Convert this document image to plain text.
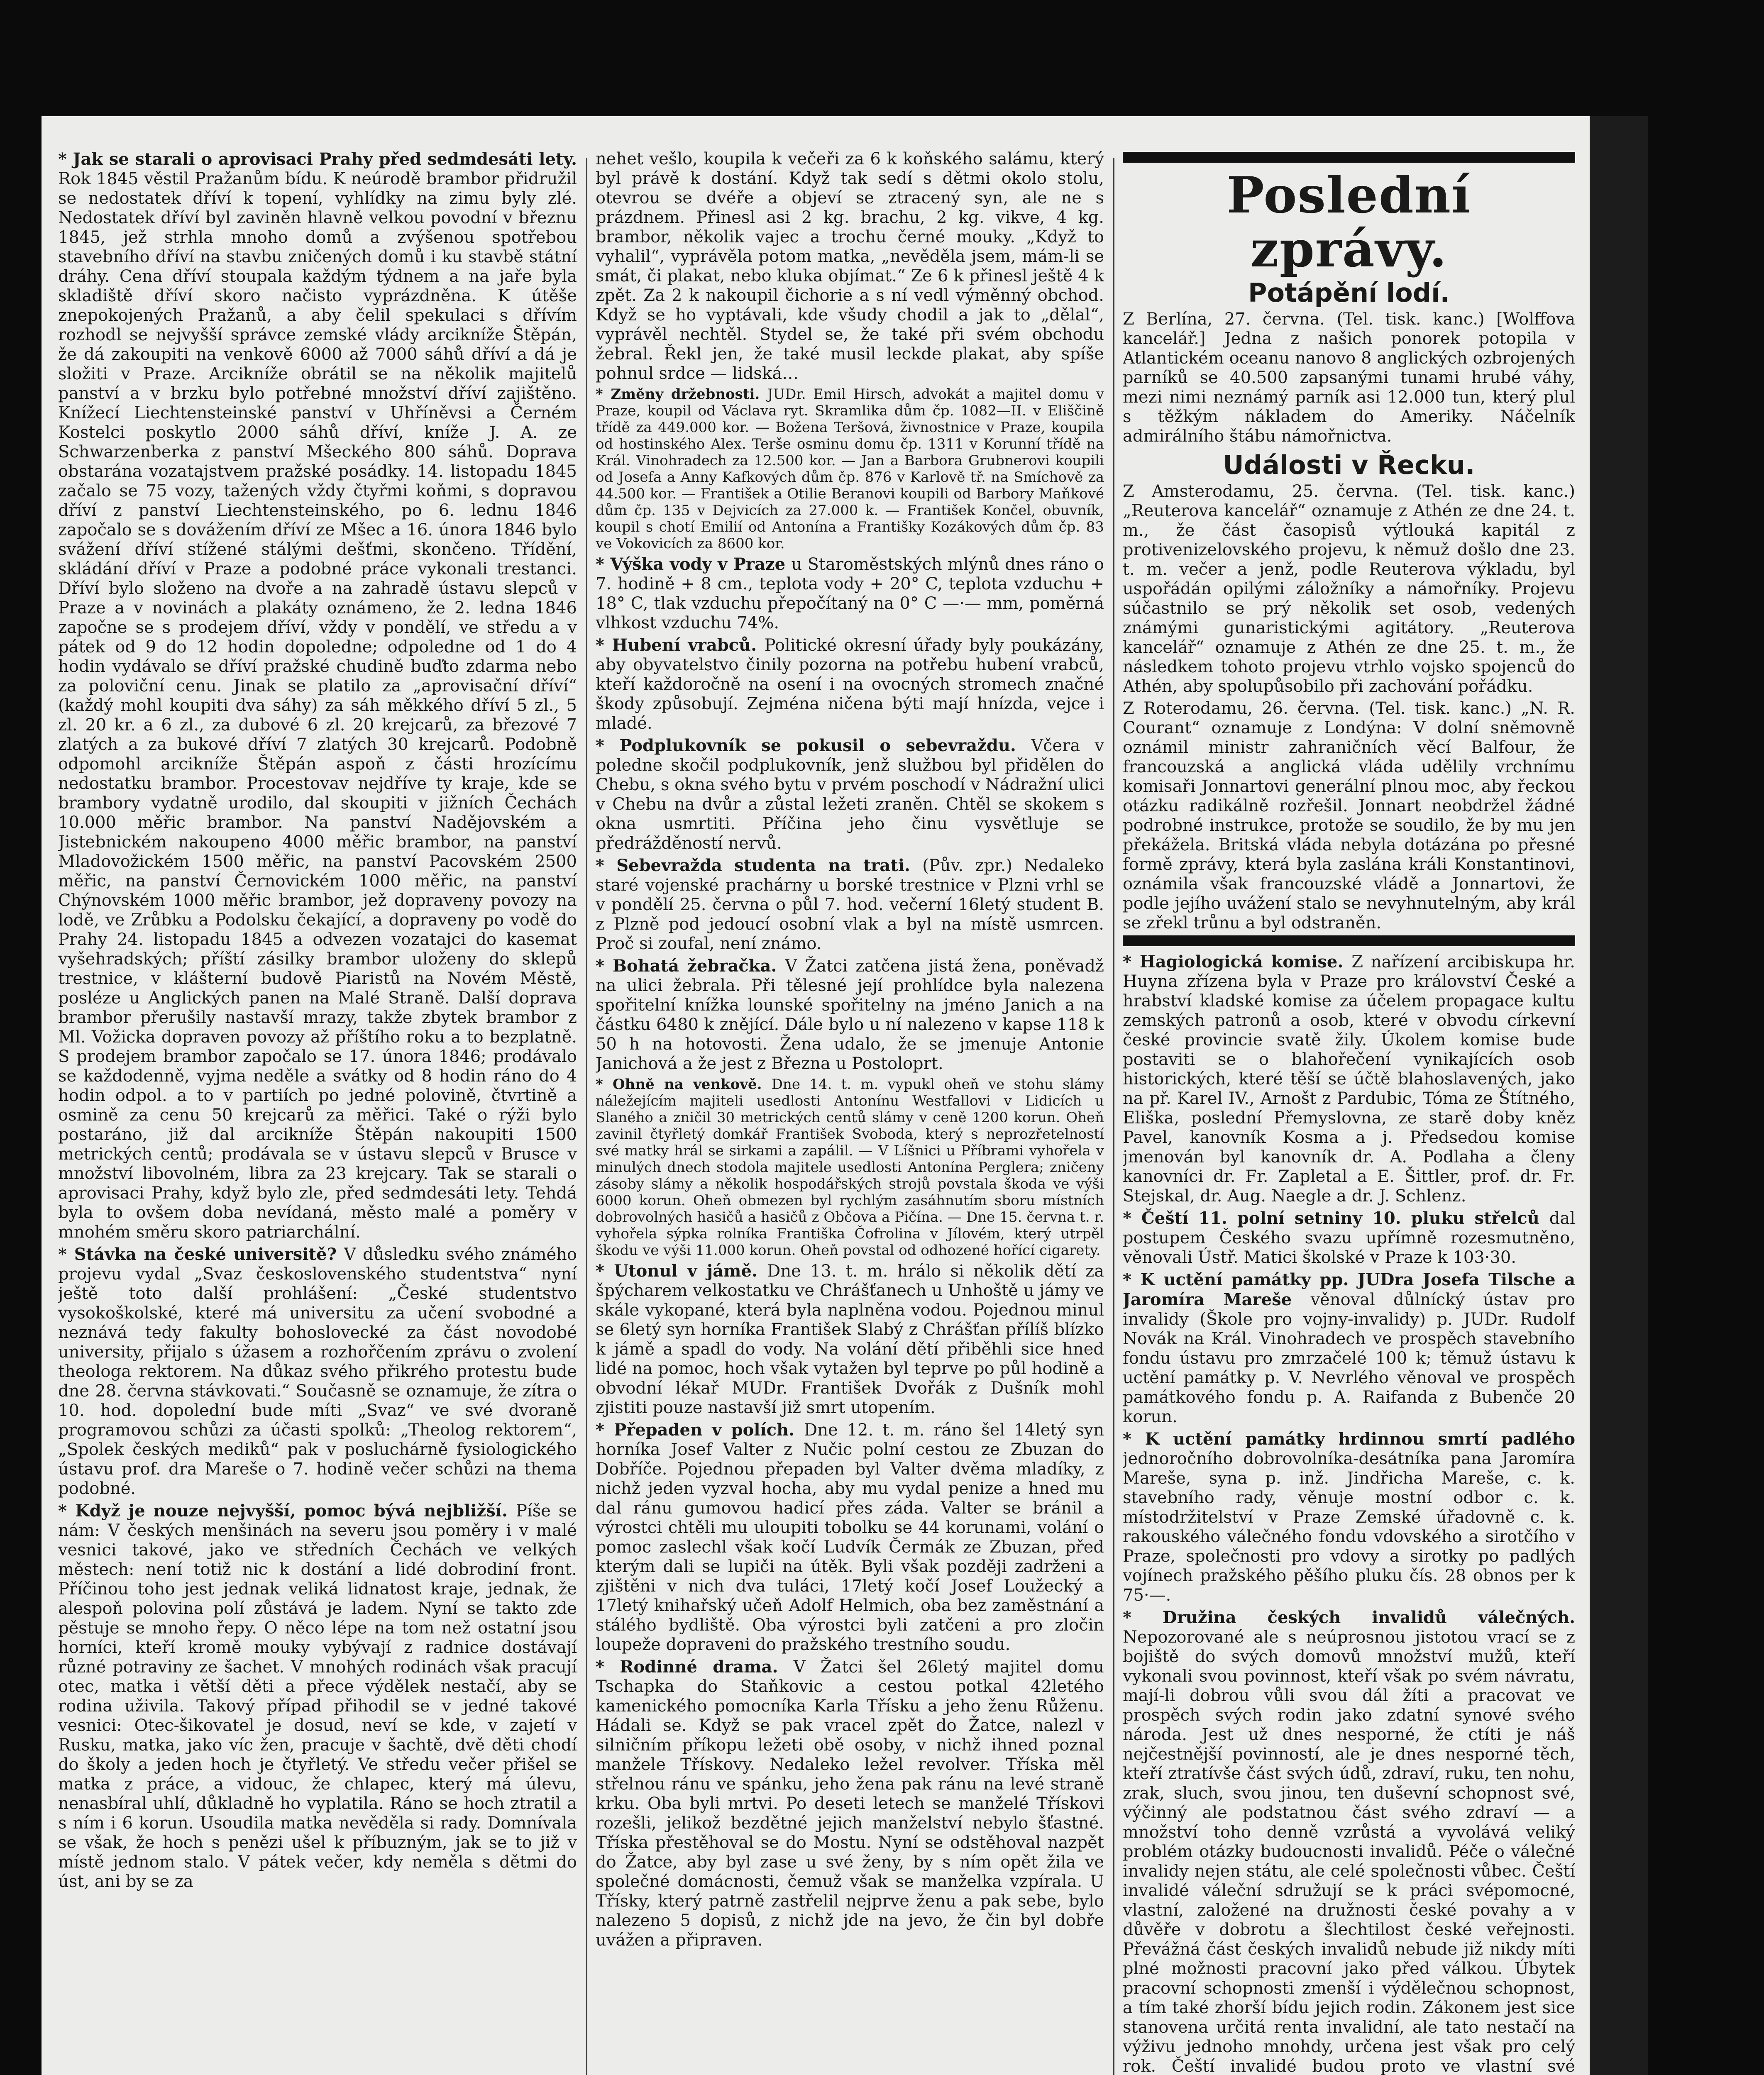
* Jak se starali o aprovisaci Prahy před sedmdesáti lety. Rok 1845 věstil Pražanům bídu. K neúrodě brambor přidružil se nedostatek dříví k topení, vyhlídky na zimu byly zlé. Nedostatek dříví byl zaviněn hlavně velkou povodní v březnu 1845, jež strhla mnoho domů a zvýšenou spotřebou stavebního dříví na stavbu zničených domů i ku stavbě státní dráhy. Cena dříví stoupala každým týdnem a na jaře byla skladiště dříví skoro načisto vyprázdněna. K útěše znepokojených Pražanů, a aby čelil spekulaci s dřívím rozhodl se nejvyšší správce zemské vlády arciknížе Štěpán, že dá zakoupiti na venkově 6000 až 7000 sáhů dříví a dá je složiti v Praze. Arciknížе obrátil se na několik majitelů panství a v brzku bylo potřebné množství dříví zajištěno. Knížecí Liechtensteinské panství v Uhříněvsi a Černém Kostelci poskytlo 2000 sáhů dříví, kníže J. A. ze Schwarzenberka z panství Mšeckého 800 sáhů. Doprava obstarána vozatajstvem pražské posádky. 14. listopadu 1845 začalo se 75 vozy, tažených vždy čtyřmi koňmi, s dopravou dříví z panství Liechtensteinského, po 6. lednu 1846 započalo se s dovážením dříví ze Mšec a 16. února 1846 bylo svážení dříví stížené stálými dešťmi, skončeno. Třídění, skládání dříví v Praze a podobné práce vykonali trestanci. Dříví bylo složeno na dvoře a na zahradě ústavu slepců v Praze a v novinách a plakáty oznámeno, že 2. ledna 1846 započne se s prodejem dříví, vždy v pondělí, ve středu a v pátek od 9 do 12 hodin dopoledne; odpoledne od 1 do 4 hodin vydávalo se dříví pražské chudině buďto zdarma nebo za poloviční cenu. Jinak se platilo za „aprovisační dříví“ (každý mohl koupiti dva sáhy) za sáh měkkého dříví 5 zl., 5 zl. 20 kr. a 6 zl., za dubové 6 zl. 20 krejcarů, za březové 7 zlatých a za bukové dříví 7 zlatých 30 krejcarů. Podobně odpomohl arciknížе Štěpán aspoň z části hrozícímu nedostatku brambor. Procestovav nejdříve ty kraje, kde se brambory vydatně urodilo, dal skoupiti v jižních Čechách 10.000 měřic brambor. Na panství Nadějovském a Jistebnickém nakoupeno 4000 měřic brambor, na panství Mladovožickém 1500 měřic, na panství Pacovském 2500 měřic, na panství Černovickém 1000 měřic, na panství Chýnovském 1000 měřic brambor, jež dopraveny povozy na lodě, ve Zrůbku a Podolsku čekající, a dopraveny po vodě do Prahy 24. listopadu 1845 a odvezen vozatajci do kasemat vyšehradských; příští zásilky brambor uloženy do sklepů trestnice, v klášterní budově Piaristů na Novém Městě, posléze u Anglických panen na Malé Straně. Další doprava brambor přerušily nastavší mrazy, takže zbytek brambor z Ml. Vožicka dopraven povozy až příštího roku a to bezplatně. S prodejem brambor započalo se 17. února 1846; prodávalo se každodenně, vyjma neděle a svátky od 8 hodin ráno do 4 hodin odpol. a to v partiích po jedné polovině, čtvrtině a osmině za cenu 50 krejcarů za měřici. Také o rýži bylo postaráno, již dal arciknížе Štěpán nakoupiti 1500 metrických centů; prodávala se v ústavu slepců v Brusce v množství libovolném, libra za 23 krejcary. Tak se starali o aprovisaci Prahy, když bylo zle, před sedmdesáti lety. Tehdá byla to ovšem doba nevídaná, město malé a poměry v mnohém směru skoro patriarchální.
* Stávka na české universitě? V důsledku svého známého projevu vydal „Svaz československého studentstva“ nyní ještě toto další prohlášení: „České studentstvo vysokoškolské, které má universitu za učení svobodné a neznává tedy fakulty bohoslovecké za část novodobé university, přijalo s úžasem a rozhořčením zprávu o zvolení theologa rektorem. Na důkaz svého přikrého protestu bude dne 28. června stávkovati.“ Současně se oznamuje, že zítra o 10. hod. dopolední bude míti „Svaz“ ve své dvoraně programovou schůzi za účasti spolků: „Theolog rektorem“, „Spolek českých mediků“ pak v posluchárně fysiologického ústavu prof. dra Mareše o 7. hodině večer schůzi na thema podobné.
* Když je nouze nejvyšší, pomoc bývá nejbližší. Píše se nám: V českých menšinách na severu jsou poměry i v malé vesnici takové, jako ve středních Čechách ve velkých městech: není totiž nic k dostání a lidé dobrodiní front. Příčinou toho jest jednak veliká lidnatost kraje, jednak, že alespoň polovina polí zůstává je ladem. Nyní se takto zde pěstuje se mnoho řepy. O něco lépe na tom než ostatní jsou horníci, kteří kromě mouky vybývají z radnice dostávají různé potraviny ze šachet. V mnohých rodinách však pracují otec, matka i větší děti a přece výdělek nestačí, aby se rodina uživila. Takový případ přihodil se v jedné takové vesnici: Otec-šikovatel je dosud, neví se kde, v zajetí v Rusku, matka, jako víc žen, pracuje v šachtě, dvě děti chodí do školy a jeden hoch je čtyřletý. Ve středu večer přišel se matka z práce, a vidouc, že chlapec, který má úlevu, nenasbíral uhlí, důkladně ho vyplatila. Ráno se hoch ztratil a s ním i 6 korun. Usoudila matka nevěděla si rady. Domnívala se však, že hoch s penězi ušel k příbuzným, jak se to již v místě jednom stalo. V pátek večer, kdy neměla s dětmi do úst, ani by se za
nehet vešlo, koupila k večeři za 6 k koňského salámu, který byl právě k dostání. Když tak sedí s dětmi okolo stolu, otevrou se dvéře a objeví se ztracený syn, ale ne s prázdnem. Přinesl asi 2 kg. brachu, 2 kg. vikve, 4 kg. brambor, několik vajec a trochu černé mouky. „Když to vyhalil“, vyprávěla potom matka, „nevěděla jsem, mám-li se smát, či plakat, nebo kluka objímat.“ Ze 6 k přinesl ještě 4 k zpět. Za 2 k nakoupil čichorie a s ní vedl výměnný obchod. Když se ho vyptávali, kde všudy chodil a jak to „dělal“, vyprávěl nechtěl. Stydel se, že také při svém obchodu žebral. Řekl jen, že také musil leckde plakat, aby spíše pohnul srdce — lidská…
* Změny držebnosti. JUDr. Emil Hirsch, advokát a majitel domu v Praze, koupil od Václava ryt. Skramlika dům čp. 1082—II. v Eliščině třídě za 449.000 kor. — Božena Teršová, živnostnice v Praze, koupila od hostinského Alex. Terše osminu domu čp. 1311 v Korunní třídě na Král. Vinohradech za 12.500 kor. — Jan a Barbora Grubnerovi koupili od Josefa a Anny Kafkových dům čp. 876 v Karlově tř. na Smíchově za 44.500 kor. — František a Otilie Beranovi koupili od Barbory Maňkové dům čp. 135 v Dejvicích za 27.000 k. — František Končel, obuvník, koupil s chotí Emilií od Antonína a Františky Kozákových dům čp. 83 ve Vokovicích za 8600 kor.
* Výška vody v Praze u Staroměstských mlýnů dnes ráno o 7. hodině + 8 cm., teplota vody + 20° C, teplota vzduchu + 18° C, tlak vzduchu přepočítaný na 0° C —·— mm, poměrná vlhkost vzduchu 74%.
* Hubení vrabců. Politické okresní úřady byly poukázány, aby obyvatelstvo činily pozorna na potřebu hubení vrabců, kteří každoročně na osení i na ovocných stromech značné škody způsobují. Zejména ničena býti mají hnízda, vejce i mladé.
* Podplukovník se pokusil o sebevraždu. Včera v poledne skočil podplukovník, jenž službou byl přidělen do Chebu, s okna svého bytu v prvém poschodí v Nádražní ulici v Chebu na dvůr a zůstal ležeti zraněn. Chtěl se skokem s okna usmrtiti. Příčina jeho činu vysvětluje se předrážděností nervů.
* Sebevražda studenta na trati. (Pův. zpr.) Nedaleko staré vojenské prachárny u borské trestnice v Plzni vrhl se v pondělí 25. června o půl 7. hod. večerní 16letý student B. z Plzně pod jedoucí osobní vlak a byl na místě usmrcen. Proč si zoufal, není známo.
* Bohatá žebračka. V Žatci zatčena jistá žena, poněvadž na ulici žebrala. Při tělesné její prohlídce byla nalezena spořitelní knížka lounské spořitelny na jméno Janich a na částku 6480 k znějící. Dále bylo u ní nalezeno v kapse 118 k 50 h na hotovosti. Žena udalo, že se jmenuje Antonie Janichová a že jest z Března u Postoloprt.
* Ohně na venkově. Dne 14. t. m. vypukl oheň ve stohu slámy náležejícím majiteli usedlosti Antonínu Westfallovi v Lidicích u Slaného a zničil 30 metrických centů slámy v ceně 1200 korun. Oheň zavinil čtyřletý domkář František Svoboda, který s neprozřetelností své matky hrál se sirkami a zapálil. — V Líšnici u Příbrami vyhořela v minulých dnech stodola majitele usedlosti Antonína Perglera; zničeny zásoby slámy a několik hospodářských strojů povstala škoda ve výši 6000 korun. Oheň obmezen byl rychlým zasáhnutím sboru místních dobrovolných hasičů a hasičů z Občova a Pičína. — Dne 15. června t. r. vyhořela sýpka rolníka Františka Čofrolina v Jílovém, který utrpěl škodu ve výši 11.000 korun. Oheň povstal od odhozené hořící cigarety.
* Utonul v jámě. Dne 13. t. m. hrálo si několik dětí za špýcharem velkostatku ve Chrášťanech u Unhoště u jámy ve skále vykopané, která byla naplněna vodou. Pojednou minul se 6letý syn horníka František Slabý z Chrášťan přílíš blízko k jámě a spadl do vody. Na volání dětí přiběhli sice hned lidé na pomoc, hoch však vytažen byl teprve po půl hodině a obvodní lékař MUDr. František Dvořák z Dušník mohl zjistiti pouze nastavší již smrt utopením.
* Přepaden v polích. Dne 12. t. m. ráno šel 14letý syn horníka Josef Valter z Nučic polní cestou ze Zbuzan do Dobříče. Pojednou přepaden byl Valter dvěma mladíky, z nichž jeden vyzval hocha, aby mu vydal penize a hned mu dal ránu gumovou hadicí přes záda. Valter se bránil a výrostci chtěli mu uloupiti tobolku se 44 korunami, volání o pomoc zaslechl však kočí Ludvík Čermák ze Zbuzan, před kterým dali se lupiči na útěk. Byli však později zadrženi a zjištěni v nich dva tuláci, 17letý kočí Josef Loužecký a 17letý knihařský učeň Adolf Helmich, oba bez zaměstnání a stálého bydliště. Oba výrostci byli zatčeni a pro zločin loupeže dopraveni do pražského trestního soudu.
* Rodinné drama. V Žatci šel 26letý majitel domu Tschapka do Staňkovic a cestou potkal 42letého kamenického pomocníka Karla Třísku a jeho ženu Růženu. Hádali se. Když se pak vracel zpět do Žatce, nalezl v silničním příkopu ležeti obě osoby, v nichž ihned poznal manžele Třískovy. Nedaleko ležel revolver. Tříska měl střelnou ránu ve spánku, jeho žena pak ránu na levé straně krku. Oba byli mrtvi. Po deseti letech se manželé Třískovi rozešli, jelikož bezdětné jejich manželství nebylo šťastné. Tříska přestěhoval se do Mostu. Nyní se odstěhoval nazpět do Žatce, aby byl zase u své ženy, by s ním opět žila ve společné domácnosti, čemuž však se manželka vzpírala. U Třísky, který patrně zastřelil nejprve ženu a pak sebe, bylo nalezeno 5 dopisů, z nichž jde na jevo, že čin byl dobře uvážen a připraven.
Poslední zprávy.
Potápění lodí.
Z Berlína, 27. června. (Tel. tisk. kanc.) [Wolffova kancelář.] Jedna z našich ponorek potopila v Atlantickém oceanu nanovo 8 anglických ozbrojených parníků se 40.500 zapsanými tunami hrubé váhy, mezi nimi neznámý parník asi 12.000 tun, který plul s těžkým nákladem do Ameriky. Náčelník admirálního štábu námořnictva.
Události v Řecku.
Z Amsterodamu, 25. června. (Tel. tisk. kanc.) „Reuterova kancelář“ oznamuje z Athén ze dne 24. t. m., že část časopisů výtlouká kapitál z protivenizelovského projevu, k němuž došlo dne 23. t. m. večer a jenž, podle Reuterova výkladu, byl uspořádán opilými záložníky a námořníky. Projevu súčastnilo se prý několik set osob, vedených známými gunaristickými agitátory. „Reuterova kancelář“ oznamuje z Athén ze dne 25. t. m., že následkem tohoto projevu vtrhlo vojsko spojenců do Athén, aby spolupůsobilo při zachování pořádku.
Z Roterodamu, 26. června. (Tel. tisk. kanc.) „N. R. Courant“ oznamuje z Londýna: V dolní sněmovně oznámil ministr zahraničních věcí Balfour, že francouzská a anglická vláda udělily vrchnímu komisaři Jonnartovi generální plnou moc, aby řeckou otázku radikálně rozřešil. Jonnart neobdržel žádné podrobné instrukce, protože se soudilo, že by mu jen překážela. Britská vláda nebyla dotázána po přesné formě zprávy, která byla zaslána králi Konstantinovi, oznámila však francouzské vládě a Jonnartovi, že podle jejího uvážení stalo se nevyhnutelným, aby král se zřekl trůnu a byl odstraněn.
* Hagiologická komise. Z nařízení arcibiskupa hr. Huyna zřízena byla v Praze pro království České a hrabství kladské komise za účelem propagace kultu zemských patronů a osob, které v obvodu církevní české provincie svatě žily. Úkolem komise bude postaviti se o blahořečení vynikajících osob historických, které těší se účtě blahoslavených, jako na př. Karel IV., Arnošt z Pardubic, Tóma ze Štítného, Eliška, poslední Přemyslovna, ze starě doby kněz Pavel, kanovník Kosma a j. Předsedou komise jmenován byl kanovník dr. A. Podlaha a členy kanovníci dr. Fr. Zapletal a E. Šittler, prof. dr. Fr. Stejskal, dr. Aug. Naegle a dr. J. Schlenz.
* Čeští 11. polní setniny 10. pluku střelců dal postupem Českého svazu upřímně rozesmutněno, věnovali Ústř. Matici školské v Praze k 103·30.
* K uctění památky pp. JUDra Josefa Tilsche a Jaromíra Mareše věnoval důlnícký ústav pro invalidy (Škole pro vojny-invalidy) p. JUDr. Rudolf Novák na Král. Vinohradech ve prospěch stavebního fondu ústavu pro zmrzačelé 100 k; těmuž ústavu k uctění památky p. V. Nevrlého věnoval ve prospěch památkového fondu p. A. Raifanda z Bubenče 20 korun.
* K uctění památky hrdinnou smrtí padlého jednoročního dobrovolníka-desátníka pana Jaromíra Mareše, syna p. inž. Jindřicha Mareše, c. k. stavebního rady, věnuje mostní odbor c. k. místodržitelství v Praze Zemské úřadovně c. k. rakouského válečného fondu vdovského a sirotčího v Praze, společnosti pro vdovy a sirotky po padlých vojínech pražského pěšího pluku čís. 28 obnos per k 75·—.
* Družina českých invalidů válečných. Nepozorované ale s neúprosnou jistotou vrací se z bojiště do svých domovů množství mužů, kteří vykonali svou povinnost, kteří však po svém návratu, mají-li dobrou vůli svou dál žíti a pracovat ve prospěch svých rodin jako zdatní synové svého národa. Jest už dnes nesporné, že ctíti je náš nejčestnější povinností, ale je dnes nesporné těch, kteří ztratívše část svých údů, zdraví, ruku, ten nohu, zrak, sluch, svou jinou, ten duševní schopnost své, výčinný ale podstatnou část svého zdraví — a množství toho denně vzrůstá a vyvolává veliký problém otázky budoucnosti invalidů. Péče o válečné invalidy nejen státu, ale celé společnosti vůbec. Čeští invalidé váleční sdružují se k práci svépomocné, vlastní, založené na družnosti české povahy a v důvěře v dobrotu a šlechtilost české veřejnosti. Převážná část českých invalidů nebude již nikdy míti plné možnosti pracovní jako před válkou. Úbytek pracovní schopnosti zmenší i výdělečnou schopnost, a tím také zhorší bídu jejich rodin. Zákonem jest sice stanovena určitá renta invalidní, ale tato nestačí na výživu jednoho mnohdy, určena jest však pro celý rok. Čeští invalidé budou proto ve vlastní své
